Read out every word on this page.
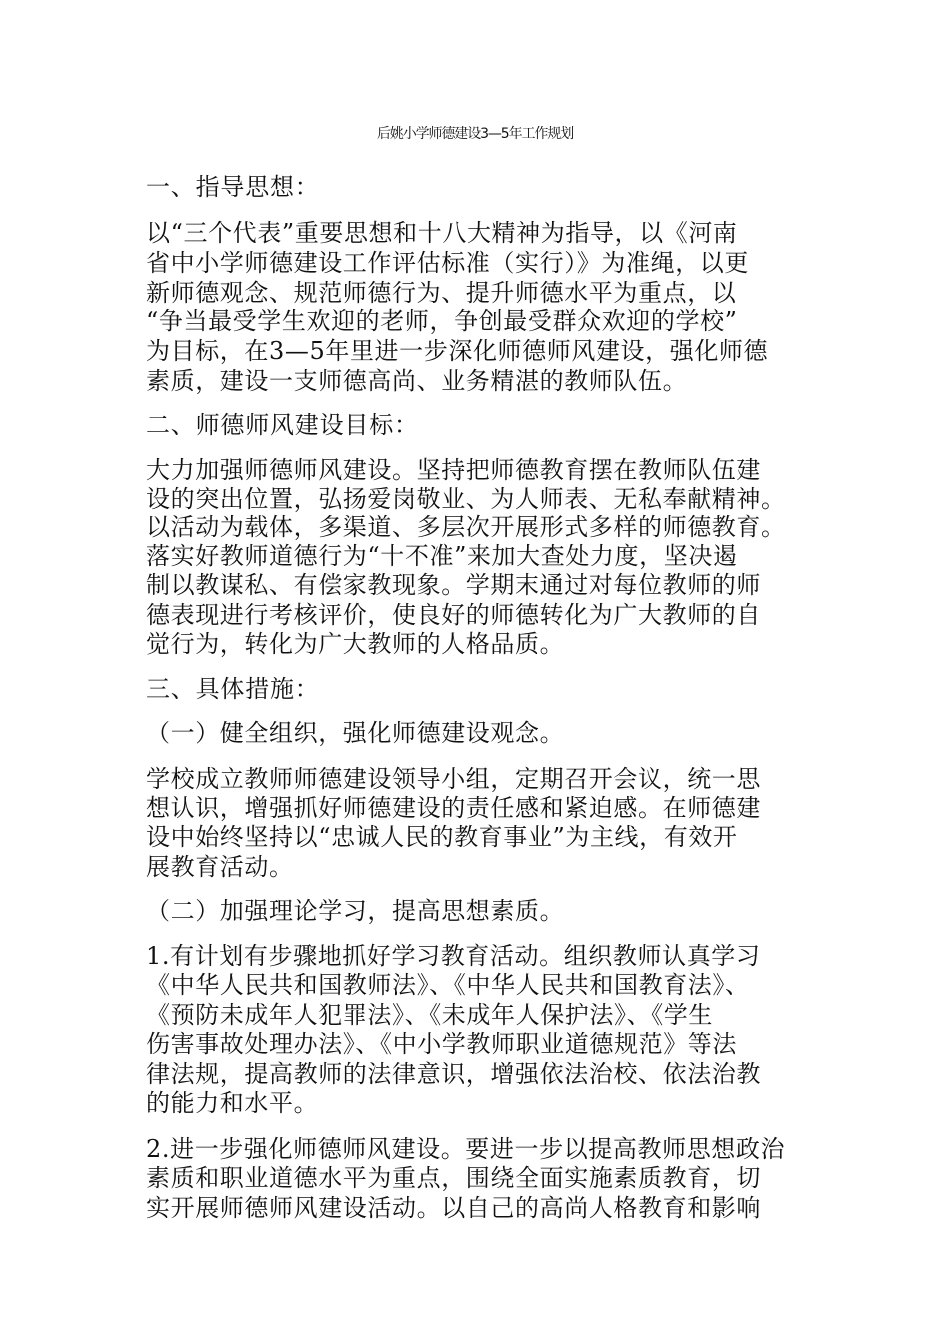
后姚小学师德建设3—5年工作规划
一、指导思想：
以“三个代表”重要思想和十八大精神为指导，以《河南
省中小学师德建设工作评估标准（实行）》为准绳，以更
新师德观念、规范师德行为、提升师德水平为重点，以
“争当最受学生欢迎的老师，争创最受群众欢迎的学校”
为目标，在3—5年里进一步深化师德师风建设，强化师德
素质，建设一支师德高尚、业务精湛的教师队伍。
二、师德师风建设目标：
大力加强师德师风建设。坚持把师德教育摆在教师队伍建
设的突出位置，弘扬爱岗敬业、为人师表、无私奉献精神。
以活动为载体，多渠道、多层次开展形式多样的师德教育。
落实好教师道德行为“十不准”来加大查处力度，坚决遏
制以教谋私、有偿家教现象。学期末通过对每位教师的师
德表现进行考核评价，使良好的师德转化为广大教师的自
觉行为，转化为广大教师的人格品质。
三、具体措施：
（一）健全组织，强化师德建设观念。
学校成立教师师德建设领导小组，定期召开会议，统一思
想认识，增强抓好师德建设的责任感和紧迫感。在师德建
设中始终坚持以“忠诚人民的教育事业”为主线，有效开
展教育活动。
（二）加强理论学习，提高思想素质。
1.有计划有步骤地抓好学习教育活动。组织教师认真学习
《中华人民共和国教师法》、《中华人民共和国教育法》、
《预防未成年人犯罪法》、《未成年人保护法》、《学生
伤害事故处理办法》、《中小学教师职业道德规范》等法
律法规，提高教师的法律意识，增强依法治校、依法治教
的能力和水平。
2.进一步强化师德师风建设。要进一步以提高教师思想政治
素质和职业道德水平为重点，围绕全面实施素质教育，切
实开展师德师风建设活动。以自己的高尚人格教育和影响
